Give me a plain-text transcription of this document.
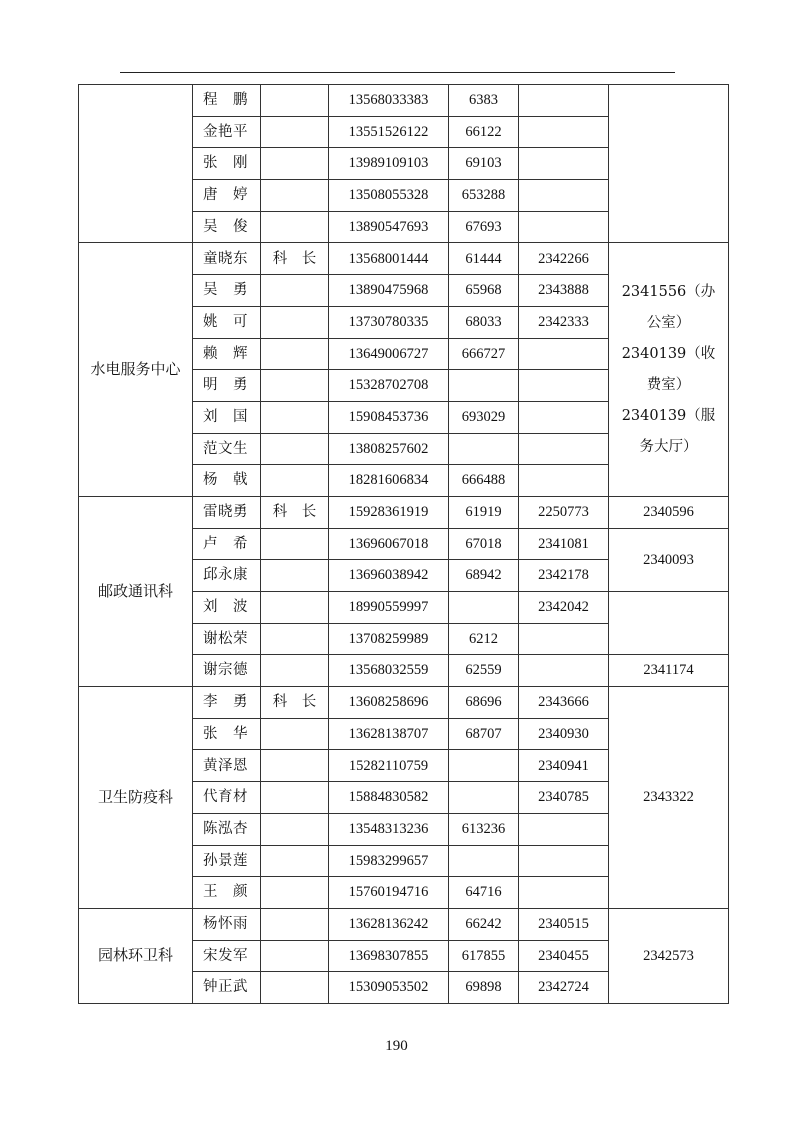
	程　鹏		13568033383	6383		
	金艳平		13551526122	66122		
	张　刚		13989109103	69103		
	唐　婷		13508055328	653288		
	吴　俊		13890547693	67693		
水电服务中心	童晓东	科　长	13568001444	61444	2342266	2341556（办公室） 2340139（收费室） 2340139（服务大厅）
	吴　勇		13890475968	65968	2343888	
	姚　可		13730780335	68033	2342333	
	赖　辉		13649006727	666727		
	明　勇		15328702708			
	刘　国		15908453736	693029		
	范文生		13808257602			
	杨　戟		18281606834	666488		
邮政通讯科	雷晓勇	科　长	15928361919	61919	2250773	2340596
	卢　希		13696067018	67018	2341081	2340093
	邱永康		13696038942	68942	2342178	
	刘　波		18990559997		2342042	
	谢松荣		13708259989	6212		
	谢宗德		13568032559	62559		2341174
卫生防疫科	李　勇	科　长	13608258696	68696	2343666	2343322
	张　华		13628138707	68707	2340930	
	黄泽恩		15282110759		2340941	
	代育材		15884830582		2340785	
	陈泓杏		13548313236	613236		
	孙景莲		15983299657			
	王　颜		15760194716	64716		
园林环卫科	杨怀雨		13628136242	66242	2340515	2342573
	宋发军		13698307855	617855	2340455	
	钟正武		15309053502	69898	2342724	
190
